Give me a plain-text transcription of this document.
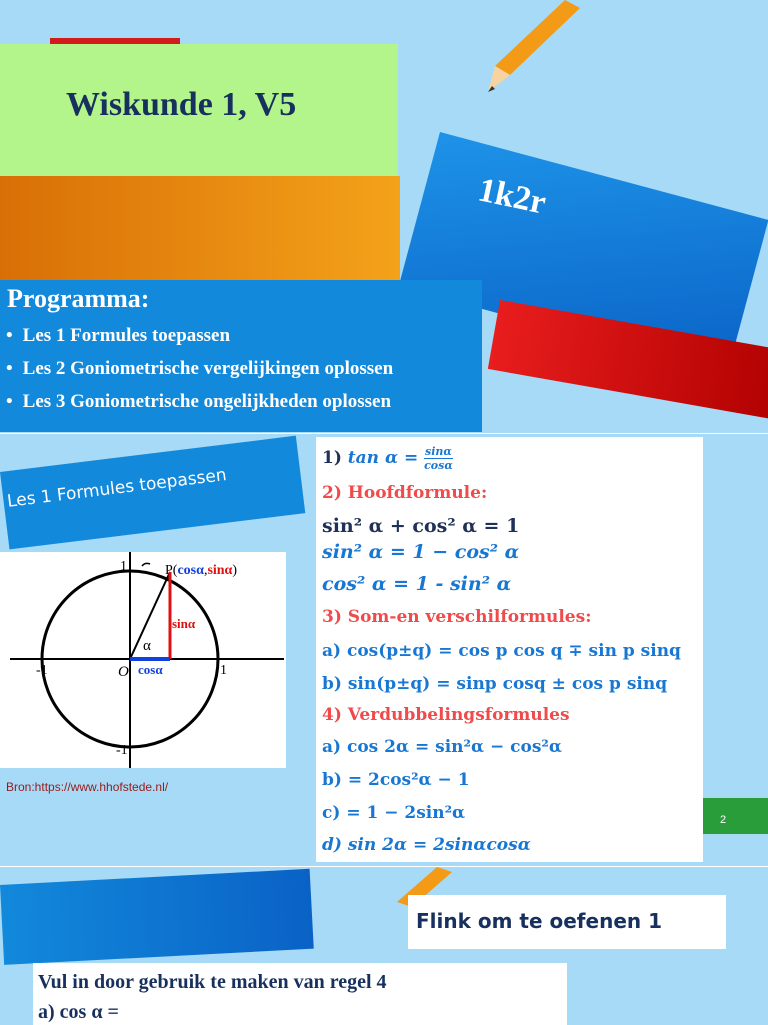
Wiskunde 1, V5
1k2r
Programma:
• Les 1 Formules toepassen
• Les 2 Goniometrische vergelijkingen oplossen
• Les 3 Goniometrische ongelijkheden oplossen
Les 1 Formules toepassen
P(cosα,sinα)
sinα
cosα
α
O
1
1
-1
-1
Bron:https://www.hhofstede.nl/
1) $\tan \alpha = \frac{\sin\alpha}{\cos\alpha}$
2) Hoofdformule:
sin² α + cos² α = 1
sin² α = 1 − cos² α
cos² α = 1 - sin² α
3) Som-en verschilformules:
a) cos(p±q) = cos p cos q ∓ sin p sinq
b) sin(p±q) = sinp cosq ± cos p sinq
4) Verdubbelingsformules
a) cos 2α = sin²α − cos²α
b) = 2cos²α − 1
c) = 1 − 2sin²α
d) sin 2α = 2sinαcosα
2
Flink om te oefenen 1
Vul in door gebruik te maken van regel 4
a) cos α =
